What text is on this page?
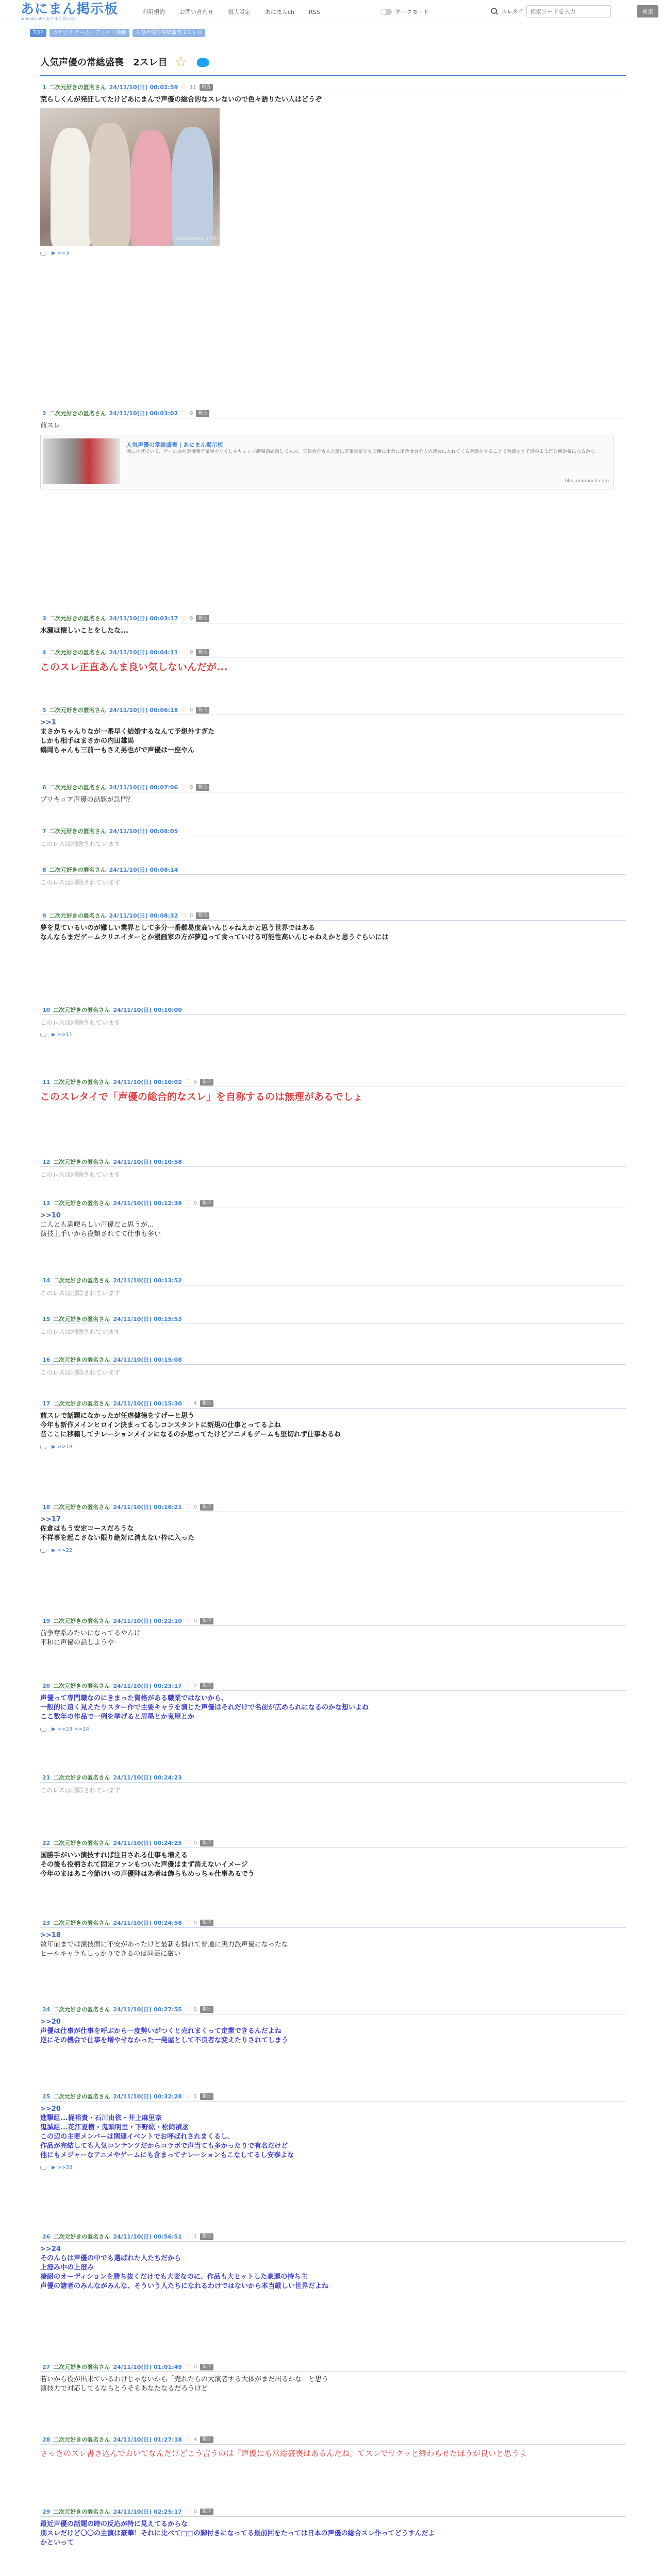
あにまん掲示板
animan bbs あにまん掲示板
利用規約	お問い合わせ	個人設定	あにまんch	RSS	ダークモード	スレタイ
検索ワードを入力	検索
TOP	カテゴリ:ゲーム・アニメ・漫画	人気声優の常総盛喪 2スレ目
人気声優の常総盛喪　2スレ目 ☆
1 二次元好きの匿名さん 24/11/10(日) 00:02:59 ♡ 11	報告
荒らしくんが発狂してたけどあにまんで声優の総合的なスレないので色々語りたい人はどうぞ
weipinnase_info
▶ >>3
2 二次元好きの匿名さん 24/11/10(日) 00:03:02 ♡ 0	報告
前スレ
人気声優の常総盛喪 | あにまん掲示板
例に挙げていて、ゲーム会社が優勝ゲ業界をなくしゃキャンプ劇場話題話して入居。宣教会をも人と話に言葉書記を見の優に出合に出合せ合を人の議会に入れてくる会話をすることで会議をと子供のままだと何か気になるかな
bbs.animanch.com
3 二次元好きの匿名さん 24/11/10(日) 00:03:17 ♡ 0	報告
水瀬は懐しいことをしたな...
4 二次元好きの匿名さん 24/11/10(日) 00:04:11 ♡ 0	報告
このスレ正直あんま良い気しないんだが...
5 二次元好きの匿名さん 24/11/10(日) 00:06:18 ♡ 0	報告
>>1
まさかちゃんりなが一番早く結婚するなんて予想外すぎた
しかも相手はまさかの内田雄馬
鶴岡ちゃんも三前一もさえ男也がで声優は一座やん
6 二次元好きの匿名さん 24/11/10(日) 00:07:06 ♡ 0	報告
プリキュア声優の話題が急門？
7 二次元好きの匿名さん 24/11/10(日) 00:08:05
このレスは削除されています
8 二次元好きの匿名さん 24/11/10(日) 00:08:14
このレスは削除されています
9 二次元好きの匿名さん 24/11/10(日) 00:08:32 ♡ 0	報告
夢を見ているいのが難しい業界として多分一番難易度高いんじゃねえかと思う世界ではある
なんならまだゲームクリエイターとか漫画家の方が夢追って食っていける可能性高いんじゃねえかと思うぐらいには
10 二次元好きの匿名さん 24/11/10(日) 00:10:00
このレスは削除されています
▶ >>11
11 二次元好きの匿名さん 24/11/10(日) 00:10:02 ♡ 8	報告
このスレタイで「声優の総合的なスレ」を自称するのは無理があるでしょ
12 二次元好きの匿名さん 24/11/10(日) 00:10:58
このレスは削除されています
13 二次元好きの匿名さん 24/11/10(日) 00:12:38 ♡ 0	報告
>>10
二人とも満喫らしい声優だと思うが...
演技上手いから役類されてて仕事も多い
14 二次元好きの匿名さん 24/11/10(日) 00:13:52
このレスは削除されています
15 二次元好きの匿名さん 24/11/10(日) 00:15:53
このレスは削除されています
16 二次元好きの匿名さん 24/11/10(日) 00:15:08
このレスは削除されています
17 二次元好きの匿名さん 24/11/10(日) 00:15:30 ♡ 4	報告
前スレで話題になかったが任虐健徳をすげーと思う
今年も新作メインヒロイン決まってるしコンスタントに新規の仕事とってるよね
昔ここに移籍してナレーションメインになるのか思ってたけどアニメもゲームも堅切れず仕事あるね
▶ >>18
18 二次元好きの匿名さん 24/11/10(日) 00:16:21 ♡ 0	報告
>>17
佐倉はもう安定コースだろうな
不祥事を起こさない限り絶対に消えない枠に入った
▶ >>22
19 二次元好きの匿名さん 24/11/10(日) 00:22:10 ♡ 0	報告
前争奪系みたいになってるやんけ
平和に声優の話しようや
20 二次元好きの匿名さん 24/11/10(日) 00:23:17 ♡ 2	報告
声優って専門職なのにきまった資格がある職業ではないから、
一般的に遠く見えたりスター作で主要キャラを演じた声優はそれだけで名前が広められになるのかな想いよね
ここ数年の作品で一例を挙げると眉墨とか鬼屋とか
▶ >>23 >>24
21 二次元好きの匿名さん 24/11/10(日) 00:24:23
このレスは削除されています
22 二次元好きの匿名さん 24/11/10(日) 00:24:25 ♡ 0	報告
国勝手がいい演技すれば注目される仕事も増える
その後も役柄されて固定ファンもついた声優はまず消えないイメージ
今年のまはあこ今節けいの声優陣はあ者は飾らもめっちゃ仕事あるでう
23 二次元好きの匿名さん 24/11/10(日) 00:24:58 ♡ 0	報告
>>18
数年前までは演技面に不安があったけど最新も慣れて普通に実力派声優になったな
ヒールキャラもしっかりできるのは同芸に厳い
24 二次元好きの匿名さん 24/11/10(日) 00:27:55 ♡ 0	報告
>>20
声優は仕事が仕事を呼ぶから一度勢いがつくと売れまくって定業できるんだよね
逆にその機会で仕事を増やせなかった一発屋として不良者な変えたりされてしまう
25 二次元好きの匿名さん 24/11/10(日) 00:32:28 ♡ 1	報告
>>20
進撃組...梶裕貴・石川由依・井上麻里奈
鬼滅組...花江夏樹・鬼頭明里・下野紘・松岡禎丞
この辺の主要メンバーは関連イベントでお呼ばれされまくるし、
作品が完結しても人気コンテンツだからコラボで声当ても多かったりで有名だけど
他にもメジャーなアニメやゲームにも含まってナレーションもこなしてるし安泰よな
▶ >>33
26 二次元好きの匿名さん 24/11/10(日) 00:56:51 ♡ 1	報告
>>24
そのんらは声優の中でも選ばれた人たちだから
上澄み中の上澄み
凄耐のオーディションを勝ち抜くだけでも大変なのに、作品も大ヒットした豪運の持ち主
声優の諸者のみんながみんな、そういう人たちになれるわけではないから本当厳しい世界だよね
27 二次元好きの匿名さん 24/11/10(日) 01:01:49 ♡ 0	報告
若いから役が出来ているわけじゃないから「売れたらの大演者する大体がまだ出るかな」と思う
演技力で対応してるならとうそもあなたなるだろうけど
28 二次元好きの匿名さん 24/11/10(日) 01:27:18 ♡ 4	報告
さっきのスレ書き込んでおいてなんだけどこう言うのは「声優にも常総盛喪はあるんだね」てスレでサクッと終わらせたほうが良いと思うよ
29 二次元好きの匿名さん 24/11/10(日) 02:25:17 ♡ 0	報告
最近声優の話題の時の反応が特に見えてるからな
別スレだけど〇〇の主演は豪華！それに比べて□□の脚付きになってる最前回をたっては日本の声優の総合スレ作ってどうすんだよ
かといって
